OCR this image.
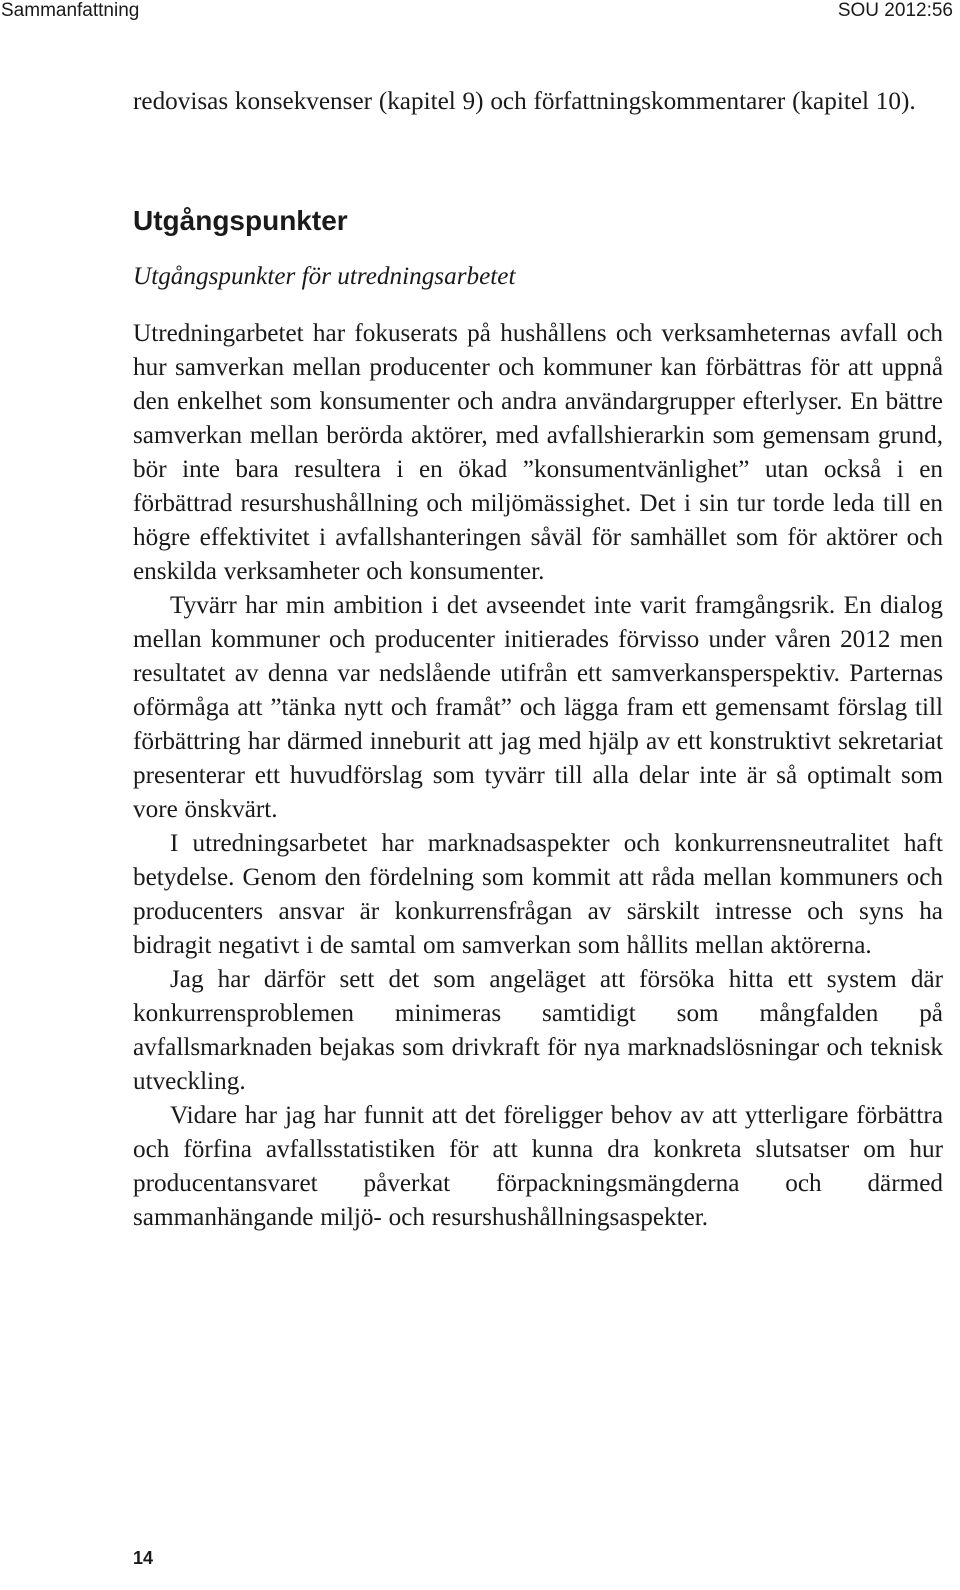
Sammanfattning	SOU 2012:56

redovisas konsekvenser (kapitel 9) och författningskommentarer (kapitel 10).

Utgångspunkter
Utgångspunkter för utredningsarbetet

Utredningarbetet har fokuserats på hushållens och verksamheternas avfall och hur samverkan mellan producenter och kommuner kan förbättras för att uppnå den enkelhet som konsumenter och andra användargrupper efterlyser. En bättre samverkan mellan berörda aktörer, med avfallshierarkin som gemensam grund, bör inte bara resultera i en ökad ”konsumentvänlighet” utan också i en förbättrad resurshushållning och miljömässighet. Det i sin tur torde leda till en högre effektivitet i avfallshanteringen såväl för samhället som för aktörer och enskilda verksamheter och konsumenter.

Tyvärr har min ambition i det avseendet inte varit framgångsrik. En dialog mellan kommuner och producenter initierades förvisso under våren 2012 men resultatet av denna var nedslående utifrån ett samverkansperspektiv. Parternas oförmåga att ”tänka nytt och framåt” och lägga fram ett gemensamt förslag till förbättring har därmed inneburit att jag med hjälp av ett konstruktivt sekretariat presenterar ett huvudförslag som tyvärr till alla delar inte är så optimalt som vore önskvärt.

I utredningsarbetet har marknadsaspekter och konkurrensneutralitet haft betydelse. Genom den fördelning som kommit att råda mellan kommuners och producenters ansvar är konkurrensfrågan av särskilt intresse och syns ha bidragit negativt i de samtal om samverkan som hållits mellan aktörerna.

Jag har därför sett det som angeläget att försöka hitta ett system där konkurrensproblemen minimeras samtidigt som mångfalden på avfallsmarknaden bejakas som drivkraft för nya marknadslösningar och teknisk utveckling.

Vidare har jag har funnit att det föreligger behov av att ytterligare förbättra och förfina avfallsstatistiken för att kunna dra konkreta slutsatser om hur producentansvaret påverkat förpackningsmängderna och därmed sammanhängande miljö- och resurshushållningsaspekter.

14
